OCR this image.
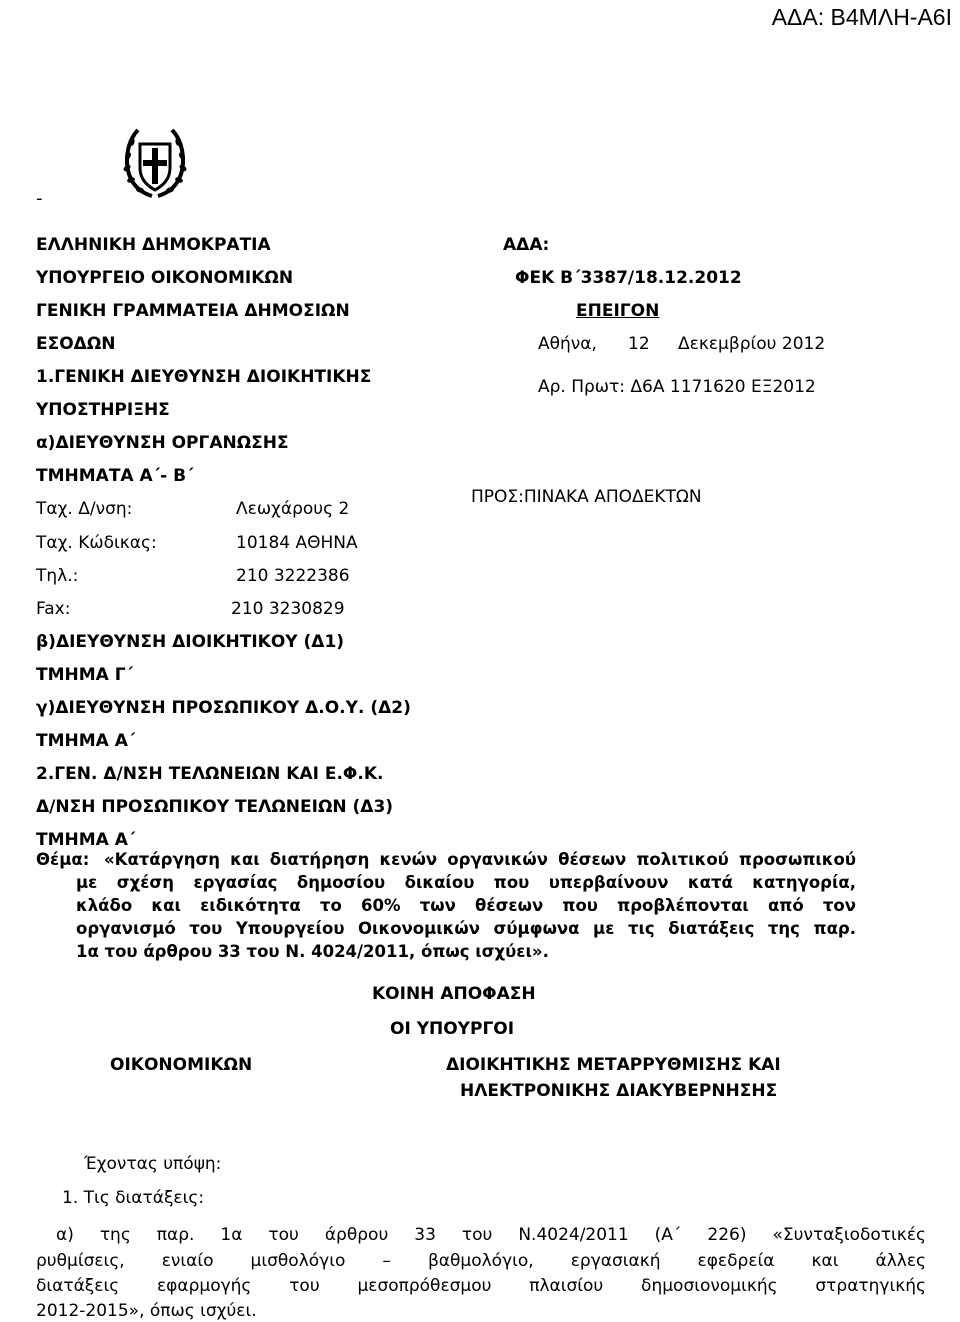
ΑΔΑ: Β4ΜΛΗ-Α6Ι
-
ΕΛΛΗΝΙΚΗ ΔΗΜΟΚΡΑΤΙΑ
ΥΠΟΥΡΓΕΙΟ ΟΙΚΟΝΟΜΙΚΩΝ
ΓΕΝΙΚΗ ΓΡΑΜΜΑΤΕΙΑ ΔΗΜΟΣΙΩΝ
ΕΣΟΔΩΝ
1.ΓΕΝΙΚΗ ΔΙΕΥΘΥΝΣΗ ΔΙΟΙΚΗΤΙΚΗΣ
ΥΠΟΣΤΗΡΙΞΗΣ
α)ΔΙΕΥΘΥΝΣΗ ΟΡΓΑΝΩΣΗΣ
ΤΜΗΜΑΤΑ Α΄- Β΄
Ταχ. Δ/νση:	Λεωχάρους 2
Ταχ. Κώδικας:	10184 ΑΘΗΝΑ
Τηλ.:	210 3222386
Fax:	210 3230829
β)ΔΙΕΥΘΥΝΣΗ ΔΙΟΙΚΗΤΙΚΟΥ (Δ1)
ΤΜΗΜΑ Γ΄
γ)ΔΙΕΥΘΥΝΣΗ ΠΡΟΣΩΠΙΚΟΥ Δ.Ο.Υ. (Δ2)
ΤΜΗΜΑ Α΄
2.ΓΕΝ. Δ/ΝΣΗ ΤΕΛΩΝΕΙΩΝ ΚΑΙ Ε.Φ.Κ.
Δ/ΝΣΗ ΠΡΟΣΩΠΙΚΟΥ ΤΕΛΩΝΕΙΩΝ (Δ3)
ΤΜΗΜΑ Α΄
ΑΔΑ:
ΦΕΚ Β΄3387/18.12.2012
ΕΠΕΙΓΟΝ
Αθήνα, 12 Δεκεμβρίου 2012
Αρ. Πρωτ: Δ6Α 1171620 ΕΞ2012
ΠΡΟΣ:ΠΙΝΑΚΑ ΑΠΟΔΕΚΤΩΝ
Θέμα: «Κατάργηση και διατήρηση κενών οργανικών θέσεων πολιτικού προσωπικού
με σχέση εργασίας δημοσίου δικαίου που υπερβαίνουν κατά κατηγορία,
κλάδο και ειδικότητα το 60% των θέσεων που προβλέπονται από τον
οργανισμό του Υπουργείου Οικονομικών σύμφωνα με τις διατάξεις της παρ.
1α του άρθρου 33 του Ν. 4024/2011, όπως ισχύει».
ΚΟΙΝΗ ΑΠΟΦΑΣΗ
ΟΙ ΥΠΟΥΡΓΟΙ
ΟΙΚΟΝΟΜΙΚΩΝ	ΔΙΟΙΚΗΤΙΚΗΣ ΜΕΤΑΡΡΥΘΜΙΣΗΣ ΚΑΙ
ΗΛΕΚΤΡΟΝΙΚΗΣ ΔΙΑΚΥΒΕΡΝΗΣΗΣ
Έχοντας υπόψη:
1. Τις διατάξεις:
α) της παρ. 1α του άρθρου 33 του Ν.4024/2011 (Α΄ 226) «Συνταξιοδοτικές
ρυθμίσεις, ενιαίο μισθολόγιο – βαθμολόγιο, εργασιακή εφεδρεία και άλλες
διατάξεις εφαρμογής του μεσοπρόθεσμου πλαισίου δημοσιονομικής στρατηγικής
2012-2015», όπως ισχύει.
